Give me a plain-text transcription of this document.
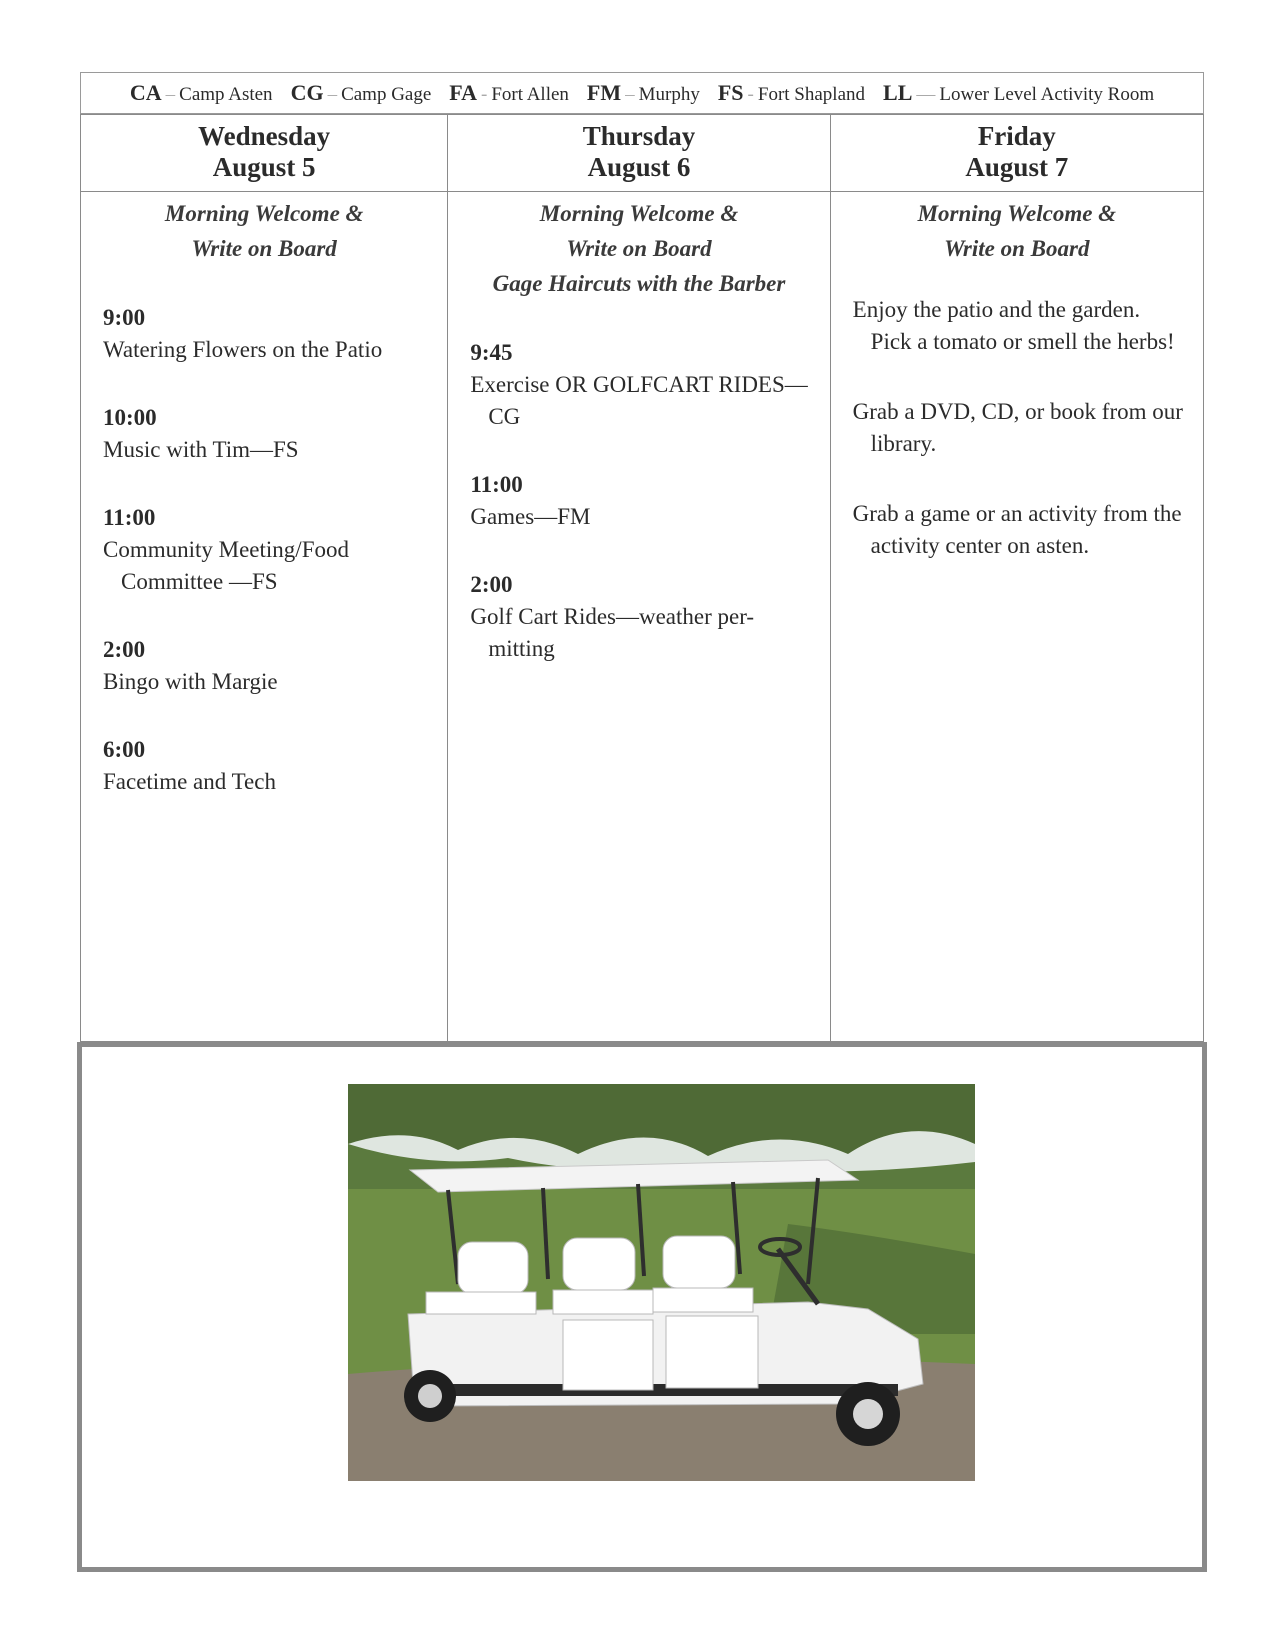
CA – Camp Asten CG – Camp Gage FA - Fort Allen FM – Murphy FS - Fort Shapland LL — Lower Level Activity Room
Wednesday
August 5
Morning Welcome &
Write on Board
9:00
Watering Flowers on the Patio
10:00
Music with Tim—FS
11:00
Community Meeting/Food Committee —FS
2:00
Bingo with Margie
6:00
Facetime and Tech
Thursday
August 6
Morning Welcome &
Write on Board
Gage Haircuts with the Barber
9:45
Exercise OR GOLFCART RIDES—CG
11:00
Games—FM
2:00
Golf Cart Rides—weather per-mitting
Friday
August 7
Morning Welcome &
Write on Board
Enjoy the patio and the garden. Pick a tomato or smell the herbs!
Grab a DVD, CD, or book from our library.
Grab a game or an activity from the activity center on asten.
